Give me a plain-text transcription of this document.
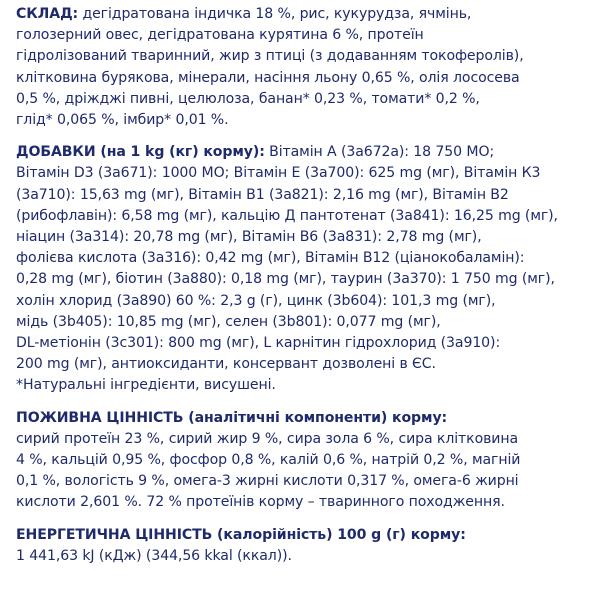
СКЛАД: дегідратована індичка 18 %, рис, кукурудза, ячмінь,
голозерний овес, дегідратована курятина 6 %, протеїн
гідролізований тваринний, жир з птиці (з додаванням токоферолів),
клітковина бурякова, мінерали, насіння льону 0,65 %, олія лососева
0,5 %, дріжджі пивні, целюлоза, банан* 0,23 %, томати* 0,2 %,
глід* 0,065 %, імбир* 0,01 %.
ДОБАВКИ (на 1 kg (кг) корму): Вітамін А (3a672a): 18 750 МО;
Вітамін D3 (3a671): 1000 МО; Вітамін Е (3a700): 625 mg (мг), Вітамін К3
(3a710): 15,63 mg (мг), Вітамін B1 (3a821): 2,16 mg (мг), Вітамін В2
(рибофлавін): 6,58 mg (мг), кальцію Д пантотенат (3a841): 16,25 mg (мг),
ніацин (3a314): 20,78 mg (мг), Вітамін В6 (3a831): 2,78 mg (мг),
фолієва кислота (3a316): 0,42 mg (мг), Вітамін В12 (ціанокобаламін):
0,28 mg (мг), біотин (3a880): 0,18 mg (мг), таурин (3a370): 1 750 mg (мг),
холін хлорид (3a890) 60 %: 2,3 g (г), цинк (3b604): 101,3 mg (мг),
мідь (3b405): 10,85 mg (мг), селен (3b801): 0,077 mg (мг),
DL-метіонін (3c301): 800 mg (мг), L карнітин гідрохлорид (3a910):
200 mg (мг), антиоксиданти, консервант дозволені в ЄС.
*Натуральні інгредієнти, висушені.
ПОЖИВНА ЦІННІСТЬ (аналітичні компоненти) корму:
сирий протеїн 23 %, сирий жир 9 %, сира зола 6 %, сира клітковина
4 %, кальцій 0,95 %, фосфор 0,8 %, калій 0,6 %, натрій 0,2 %, магній
0,1 %, вологість 9 %, омега-3 жирні кислоти 0,317 %, омега-6 жирні
кислоти 2,601 %. 72 % протеїнів корму – тваринного походження.
ЕНЕРГЕТИЧНА ЦІННІСТЬ (калорійність) 100 g (г) корму:
1 441,63 kJ (кДж) (344,56 kkal (ккал)).
